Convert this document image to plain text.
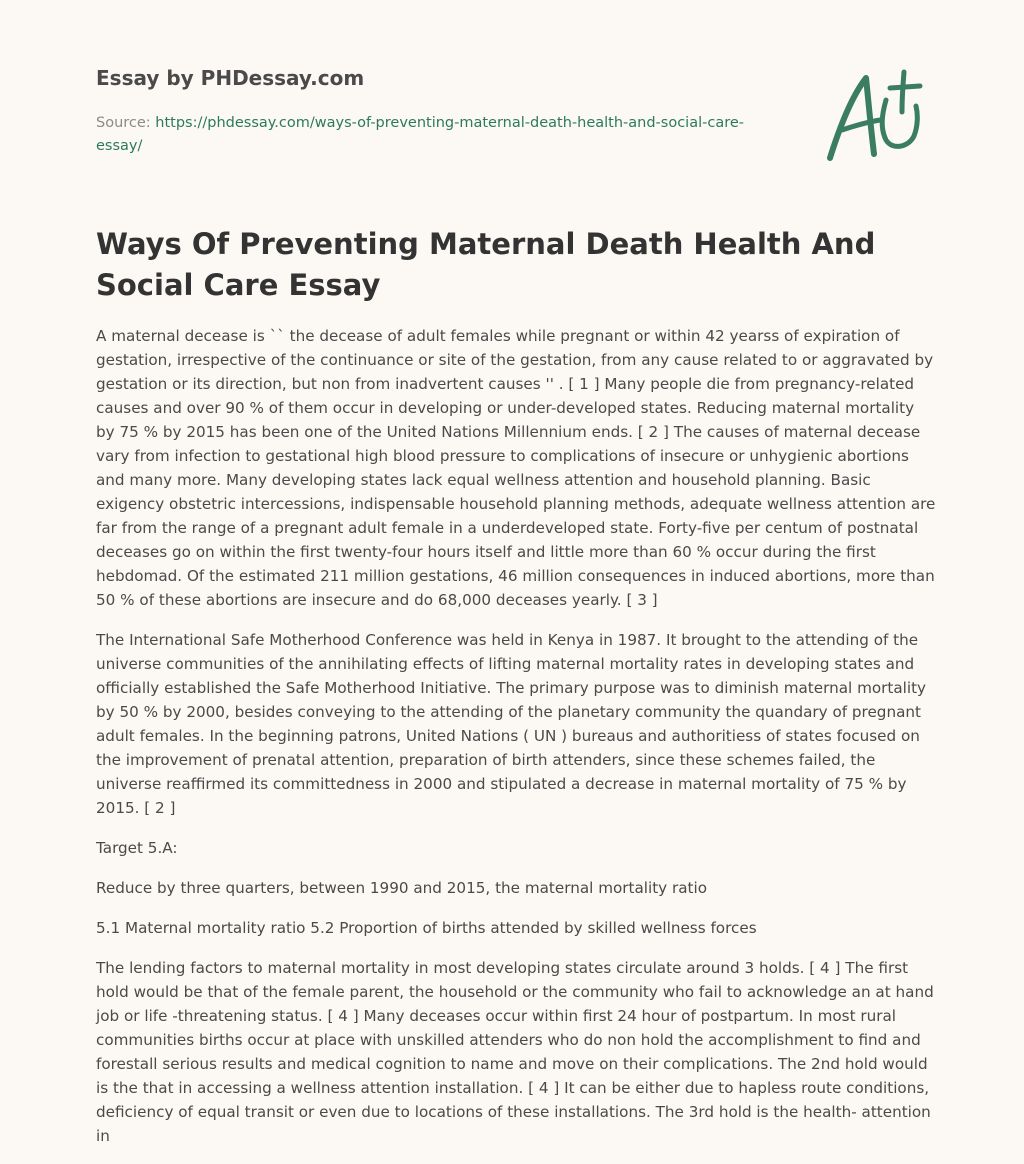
Essay by PHDessay.com
Source: https://phdessay.com/ways-of-preventing-maternal-death-health-and-social-care-essay/
Ways Of Preventing Maternal Death Health And Social Care Essay

A maternal decease is `` the decease of adult females while pregnant or within 42 yearss of expiration of gestation, irrespective of the continuance or site of the gestation, from any cause related to or aggravated by gestation or its direction, but non from inadvertent causes '' . [ 1 ] Many people die from pregnancy-related causes and over 90 % of them occur in developing or under-developed states. Reducing maternal mortality by 75 % by 2015 has been one of the United Nations Millennium ends. [ 2 ] The causes of maternal decease vary from infection to gestational high blood pressure to complications of insecure or unhygienic abortions and many more. Many developing states lack equal wellness attention and household planning. Basic exigency obstetric intercessions, indispensable household planning methods, adequate wellness attention are far from the range of a pregnant adult female in a underdeveloped state. Forty-five per centum of postnatal deceases go on within the first twenty-four hours itself and little more than 60 % occur during the first hebdomad. Of the estimated 211 million gestations, 46 million consequences in induced abortions, more than 50 % of these abortions are insecure and do 68,000 deceases yearly. [ 3 ]

The International Safe Motherhood Conference was held in Kenya in 1987. It brought to the attending of the universe communities of the annihilating effects of lifting maternal mortality rates in developing states and officially established the Safe Motherhood Initiative. The primary purpose was to diminish maternal mortality by 50 % by 2000, besides conveying to the attending of the planetary community the quandary of pregnant adult females. In the beginning patrons, United Nations ( UN ) bureaus and authoritiess of states focused on the improvement of prenatal attention, preparation of birth attenders, since these schemes failed, the universe reaffirmed its committedness in 2000 and stipulated a decrease in maternal mortality of 75 % by 2015. [ 2 ]

Target 5.A:

Reduce by three quarters, between 1990 and 2015, the maternal mortality ratio

5.1 Maternal mortality ratio 5.2 Proportion of births attended by skilled wellness forces

The lending factors to maternal mortality in most developing states circulate around 3 holds. [ 4 ] The first hold would be that of the female parent, the household or the community who fail to acknowledge an at hand job or life -threatening status. [ 4 ] Many deceases occur within first 24 hour of postpartum. In most rural communities births occur at place with unskilled attenders who do non hold the accomplishment to find and forestall serious results and medical cognition to name and move on their complications. The 2nd hold would is the that in accessing a wellness attention installation. [ 4 ] It can be either due to hapless route conditions, deficiency of equal transit or even due to locations of these installations. The 3rd hold is the health- attention in
